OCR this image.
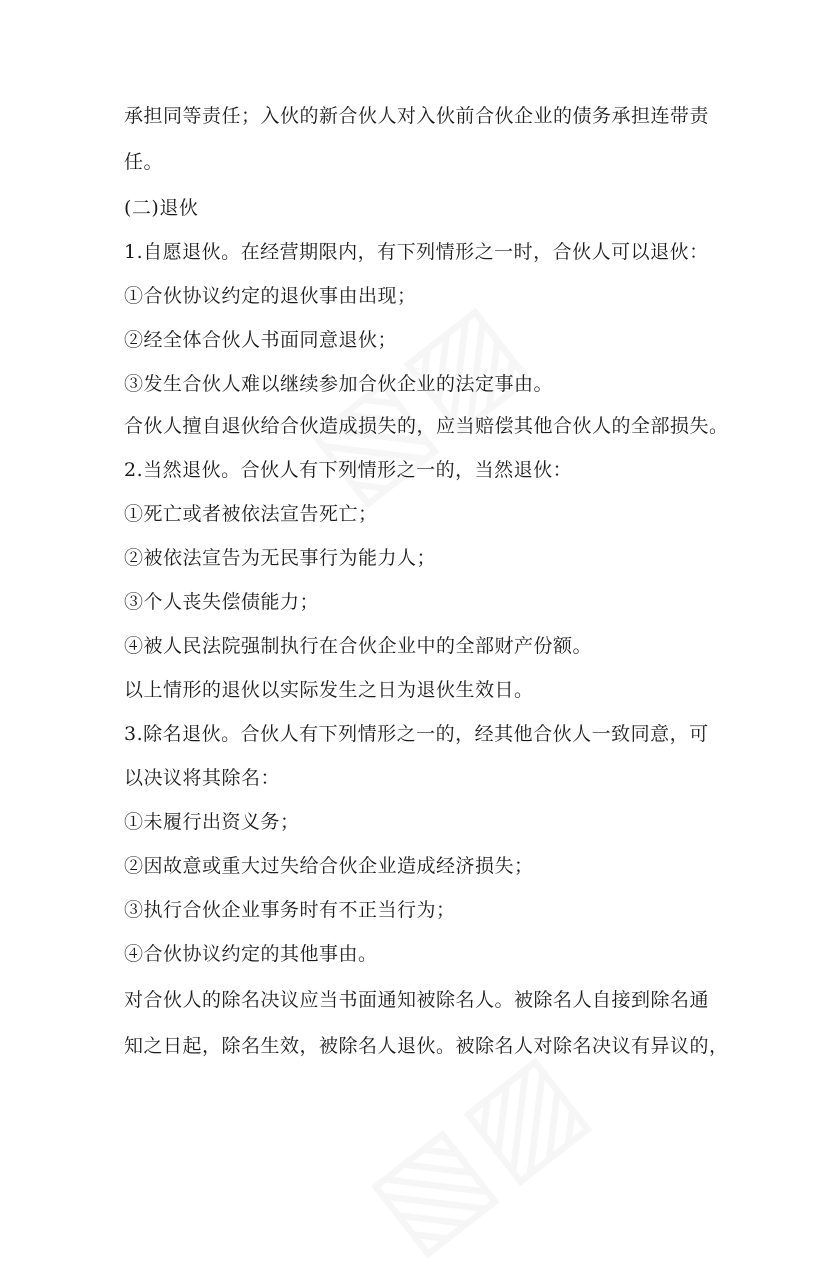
承担同等责任；入伙的新合伙人对入伙前合伙企业的债务承担连带责
任。
(二)退伙
1.自愿退伙。在经营期限内，有下列情形之一时，合伙人可以退伙：
①合伙协议约定的退伙事由出现；
②经全体合伙人书面同意退伙；
③发生合伙人难以继续参加合伙企业的法定事由。
合伙人擅自退伙给合伙造成损失的，应当赔偿其他合伙人的全部损失。
2.当然退伙。合伙人有下列情形之一的，当然退伙：
①死亡或者被依法宣告死亡；
②被依法宣告为无民事行为能力人；
③个人丧失偿债能力；
④被人民法院强制执行在合伙企业中的全部财产份额。
以上情形的退伙以实际发生之日为退伙生效日。
3.除名退伙。合伙人有下列情形之一的，经其他合伙人一致同意，可
以决议将其除名：
①未履行出资义务；
②因故意或重大过失给合伙企业造成经济损失；
③执行合伙企业事务时有不正当行为；
④合伙协议约定的其他事由。
对合伙人的除名决议应当书面通知被除名人。被除名人自接到除名通
知之日起，除名生效，被除名人退伙。被除名人对除名决议有异议的，
